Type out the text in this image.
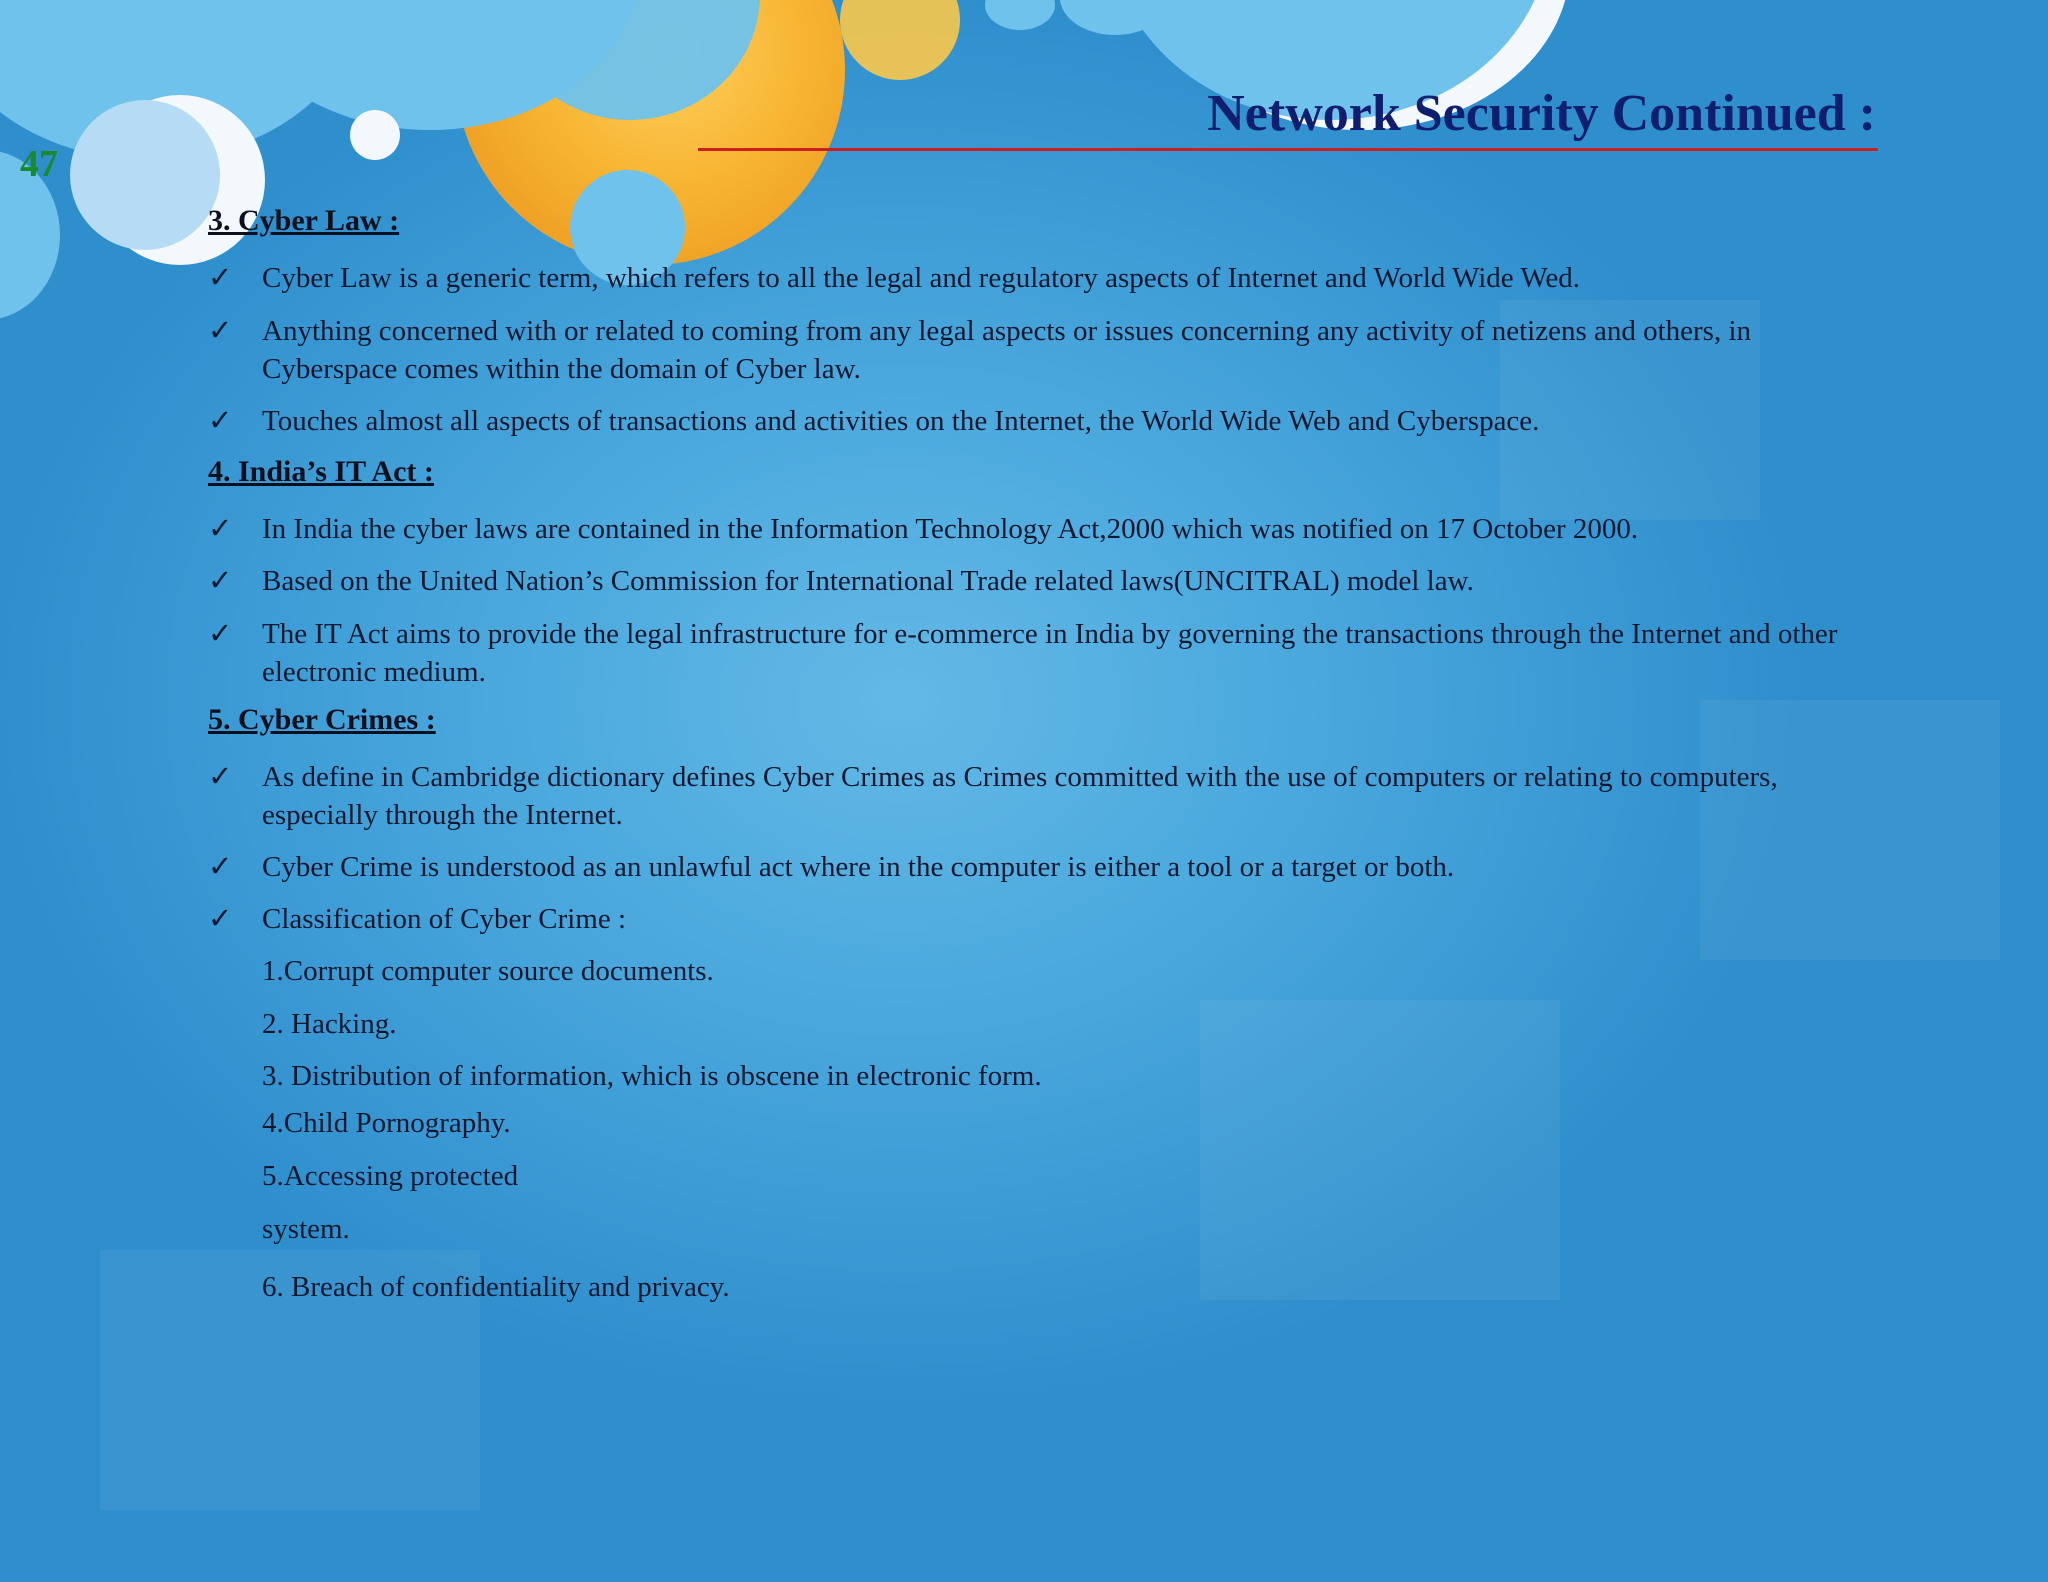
47
Network Security Continued :
3. Cyber Law :
✓ Cyber Law is a generic term, which refers to all the legal and regulatory aspects of Internet and World Wide Wed.
✓ Anything concerned with or related to coming from any legal aspects or issues concerning any activity of netizens and others, in Cyberspace comes within the domain of Cyber law.
✓ Touches almost all aspects of transactions and activities on the Internet, the World Wide Web and Cyberspace.
4. India’s IT Act :
✓ In India the cyber laws are contained in the Information Technology Act,2000 which was notified on 17 October 2000.
✓ Based on the United Nation’s Commission for International Trade related laws(UNCITRAL) model law.
✓ The IT Act aims to provide the legal infrastructure for e-commerce in India by governing the transactions through the Internet and other electronic medium.
5. Cyber Crimes :
✓ As define in Cambridge dictionary defines Cyber Crimes as Crimes committed with the use of computers or relating to computers, especially through the Internet.
✓ Cyber Crime is understood as an unlawful act where in the computer is either a tool or a target or both.
✓ Classification of Cyber Crime :
1.Corrupt computer source documents.
2. Hacking.
3. Distribution of information, which is obscene in electronic form.
4.Child Pornography.
5.Accessing protected
system.
6. Breach of confidentiality and privacy.
